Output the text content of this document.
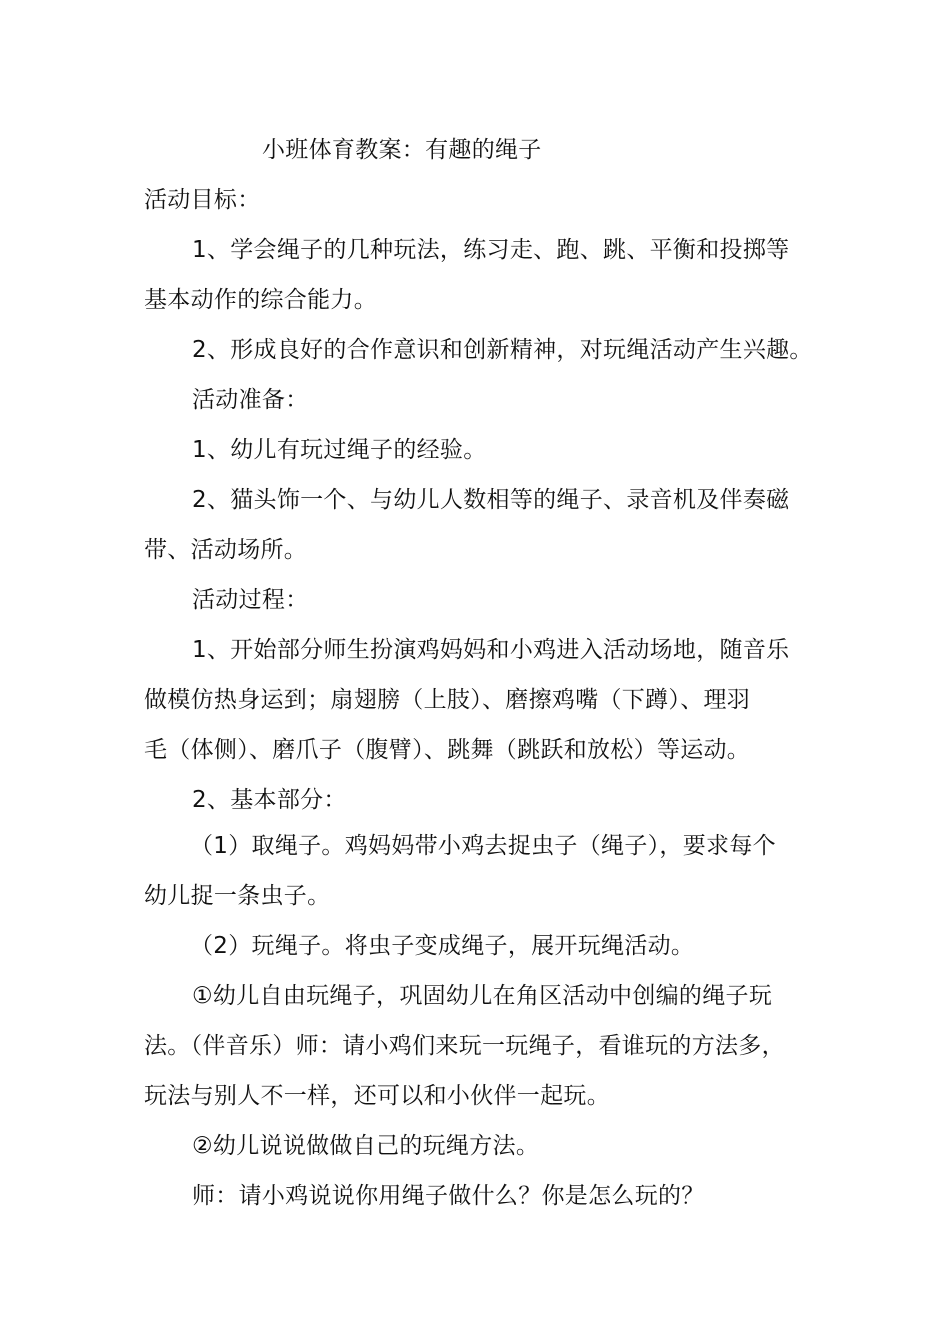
小班体育教案：有趣的绳子
活动目标：
1、学会绳子的几种玩法，练习走、跑、跳、平衡和投掷等
基本动作的综合能力。
2、形成良好的合作意识和创新精神，对玩绳活动产生兴趣。
活动准备：
1、幼儿有玩过绳子的经验。
2、猫头饰一个、与幼儿人数相等的绳子、录音机及伴奏磁
带、活动场所。
活动过程：
1、开始部分师生扮演鸡妈妈和小鸡进入活动场地，随音乐
做模仿热身运到；扇翅膀（上肢）、磨擦鸡嘴（下蹲）、理羽
毛（体侧）、磨爪子（腹臂）、跳舞（跳跃和放松）等运动。
2、基本部分：
（1）取绳子。鸡妈妈带小鸡去捉虫子（绳子），要求每个
幼儿捉一条虫子。
（2）玩绳子。将虫子变成绳子，展开玩绳活动。
①幼儿自由玩绳子，巩固幼儿在角区活动中创编的绳子玩
法。（伴音乐）师：请小鸡们来玩一玩绳子，看谁玩的方法多，
玩法与别人不一样，还可以和小伙伴一起玩。
②幼儿说说做做自己的玩绳方法。
师：请小鸡说说你用绳子做什么？你是怎么玩的？
